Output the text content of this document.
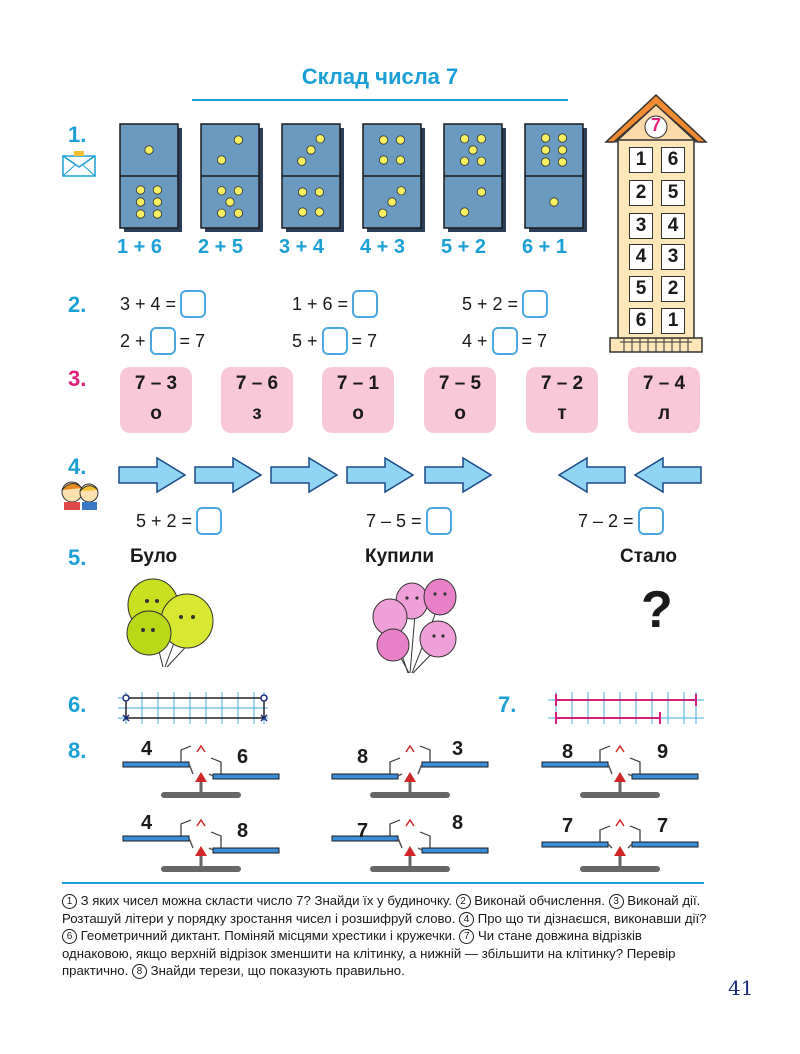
Склад числа 7
1.
2.
3.
4.
5.
6.	7.
8.
1 + 6 2 + 5 3 + 4 4 + 3 5 + 2 6 + 1
7
1	6
2	5
3	4
4	3
5	2
6	1
3 + 4 =	1 + 6 =	5 + 2 =
2 + = 7	5 + = 7	4 + = 7
7 – 3
о
7 – 6
з
7 – 1
о
7 – 5
о
7 – 2
т
7 – 4
л
5 + 2 =	7 – 5 =	7 – 2 =
Було	Купили	Стало
?
4	6	8	3	8	9
4	8	7	8	7	7
1 З яких чисел можна скласти число 7? Знайди їх у будиночку. 2 Виконай обчислення. 3 Виконай дії. Розташуй літери у порядку зростання чисел і розшифруй слово. 4 Про що ти дізнаєшся, виконавши дії? 6 Геометричний диктант. Поміняй місцями хрестики і кружечки. 7 Чи стане довжина відрізків однаковою, якщо верхній відрізок зменшити на клітинку, а нижній — збільшити на клітинку? Перевір практично. 8 Знайди терези, що показують правильно.
41
